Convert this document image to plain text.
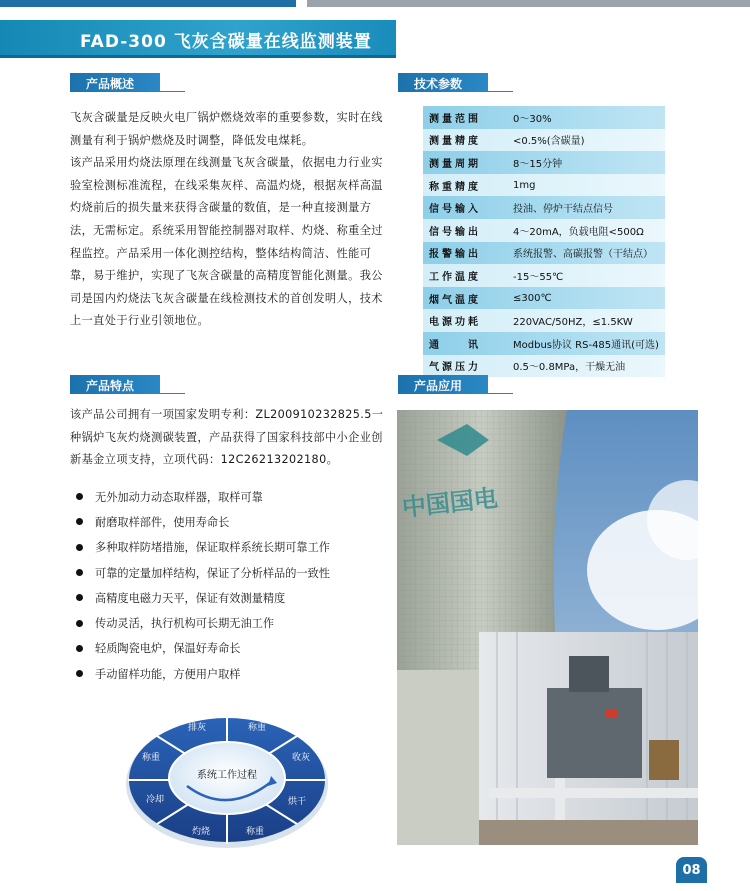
FAD-300 飞灰含碳量在线监测装置
产品概述

飞灰含碳量是反映火电厂锅炉燃烧效率的重要参数，实时在线测量有利于锅炉燃烧及时调整，降低发电煤耗。

该产品采用灼烧法原理在线测量飞灰含碳量，依据电力行业实验室检测标准流程，在线采集灰样、高温灼烧，根据灰样高温灼烧前后的损失量来获得含碳量的数值，是一种直接测量方法，无需标定。系统采用智能控制器对取样、灼烧、称重全过程监控。产品采用一体化测控结构，整体结构简洁、性能可靠，易于维护，实现了飞灰含碳量的高精度智能化测量。我公司是国内灼烧法飞灰含碳量在线检测技术的首创发明人，技术上一直处于行业引领地位。

技术参数
测量范围	0～30%
测量精度	<0.5%(含碳量)
测量周期	8～15分钟
称重精度	1mg
信号输入	投油、停炉干结点信号
信号输出	4～20mA，负载电阻<500Ω
报警输出	系统报警、高碳报警（干结点）
工作温度	-15～55℃
烟气温度	≤300℃
电源功耗	220VAC/50HZ，≤1.5KW
通　　讯	Modbus协议 RS-485通讯(可选)
气源压力	0.5～0.8MPa，干燥无油
产品特点

该产品公司拥有一项国家发明专利：ZL200910232825.5一种锅炉飞灰灼烧测碳装置，产品获得了国家科技部中小企业创新基金立项支持，立项代码：12C26213202180。

无外加动力动态取样器，取样可靠
耐磨取样部件，使用寿命长
多种取样防堵措施，保证取样系统长期可靠工作
可靠的定量加样结构，保证了分析样品的一致性
高精度电磁力天平，保证有效测量精度
传动灵活，执行机构可长期无油工作
轻质陶瓷电炉，保温好寿命长
手动留样功能，方便用户取样
系统工作过程
排灰	称重
收灰
烘干
称重
灼烧
冷却
称重
产品应用
中国国电
08
